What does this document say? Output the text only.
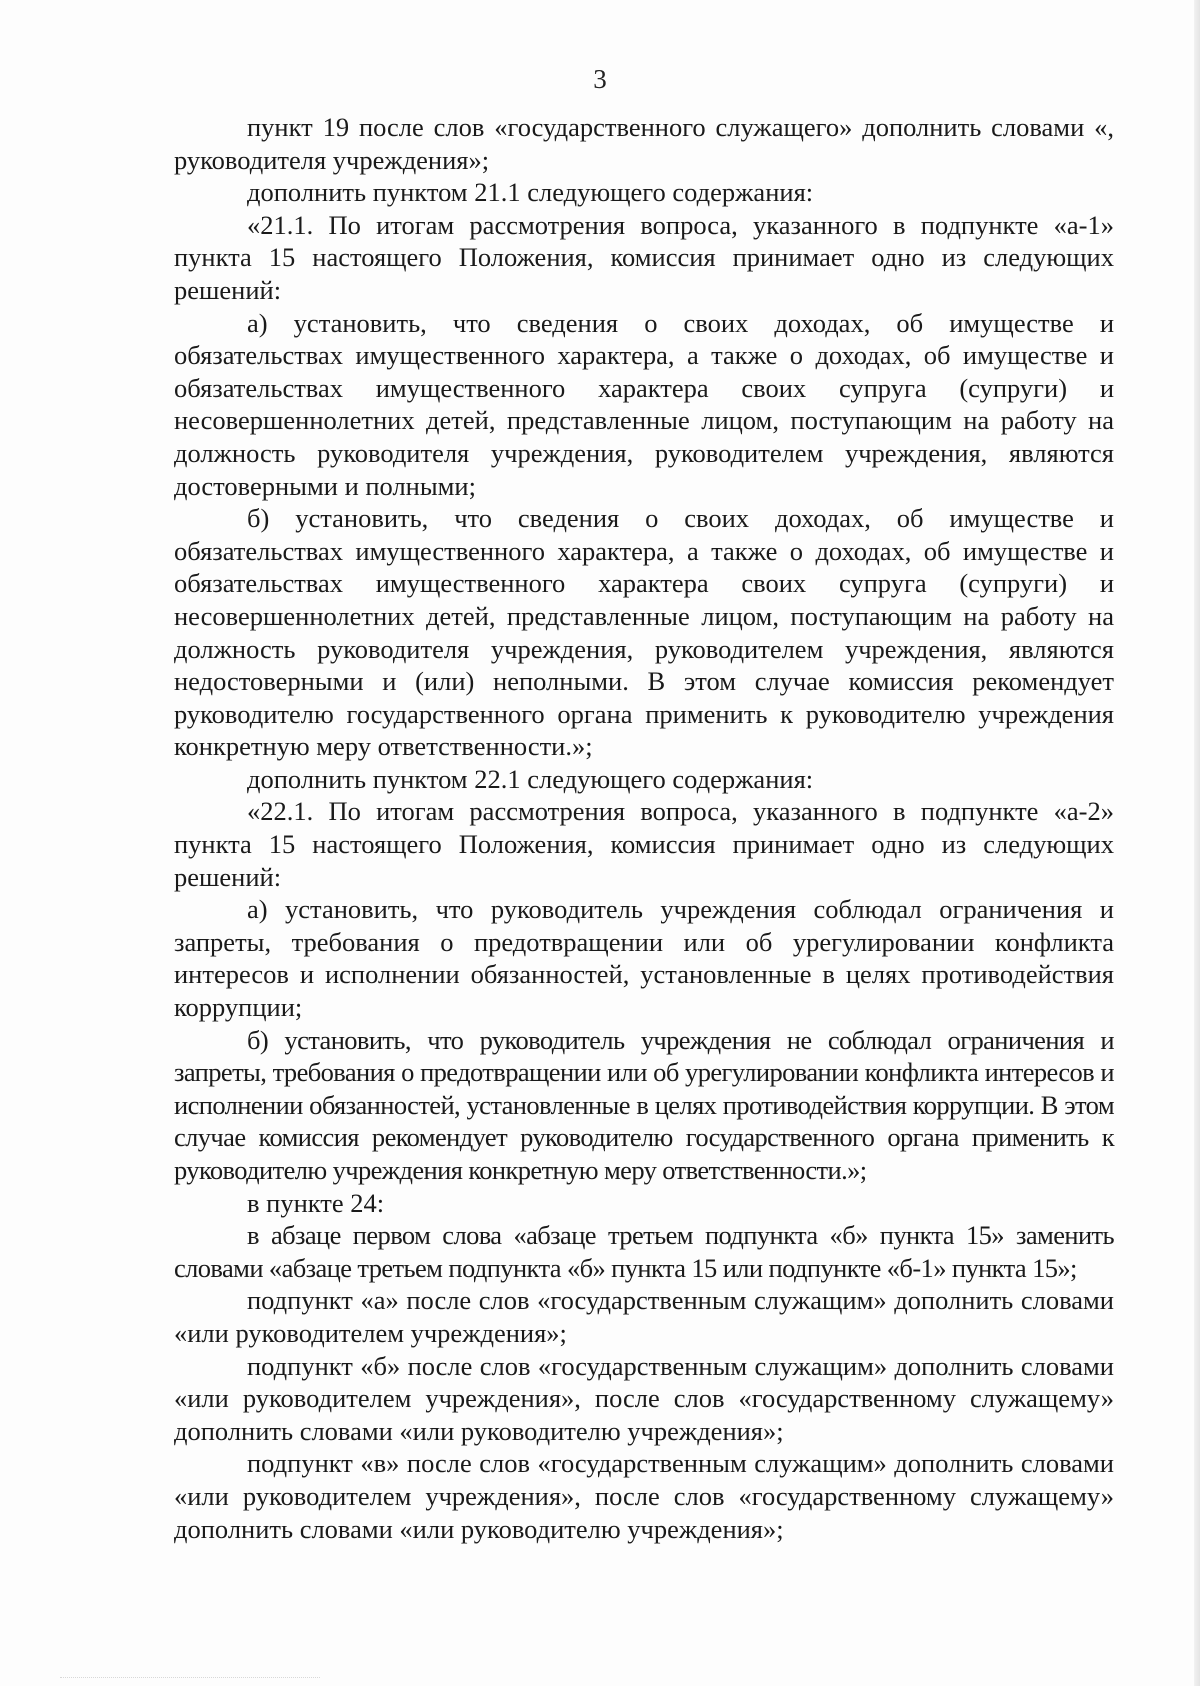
3

пункт 19 после слов «государственного служащего» дополнить словами «, руководителя учреждения»;

дополнить пунктом 21.1 следующего содержания:

«21.1. По итогам рассмотрения вопроса, указанного в подпункте «а-1» пункта 15 настоящего Положения, комиссия принимает одно из следующих решений:

а) установить, что сведения о своих доходах, об имуществе и обязательствах имущественного характера, а также о доходах, об имуществе и обязательствах имущественного характера своих супруга (супруги) и несовершеннолетних детей, представленные лицом, поступающим на работу на должность руководителя учреждения, руководителем учреждения, являются достоверными и полными;

б) установить, что сведения о своих доходах, об имуществе и обязательствах имущественного характера, а также о доходах, об имуществе и обязательствах имущественного характера своих супруга (супруги) и несовершеннолетних детей, представленные лицом, поступающим на работу на должность руководителя учреждения, руководителем учреждения, являются недостоверными и (или) неполными. В этом случае комиссия рекомендует руководителю государственного органа применить к руководителю учреждения конкретную меру ответственности.»;

дополнить пунктом 22.1 следующего содержания:

«22.1. По итогам рассмотрения вопроса, указанного в подпункте «а-2» пункта 15 настоящего Положения, комиссия принимает одно из следующих решений:

а) установить, что руководитель учреждения соблюдал ограничения и запреты, требования о предотвращении или об урегулировании конфликта интересов и исполнении обязанностей, установленные в целях противодействия коррупции;

б) установить, что руководитель учреждения не соблюдал ограничения и запреты, требования о предотвращении или об урегулировании конфликта интересов и исполнении обязанностей, установленные в целях противодействия коррупции. В этом случае комиссия рекомендует руководителю государственного органа применить к руководителю учреждения конкретную меру ответственности.»;

в пункте 24:

в абзаце первом слова «абзаце третьем подпункта «б» пункта 15» заменить словами «абзаце третьем подпункта «б» пункта 15 или подпункте «б-1» пункта 15»;

подпункт «а» после слов «государственным служащим» дополнить словами «или руководителем учреждения»;

подпункт «б» после слов «государственным служащим» дополнить словами «или руководителем учреждения», после слов «государственному служащему» дополнить словами «или руководителю учреждения»;

подпункт «в» после слов «государственным служащим» дополнить словами «или руководителем учреждения», после слов «государственному служащему» дополнить словами «или руководителю учреждения»;
